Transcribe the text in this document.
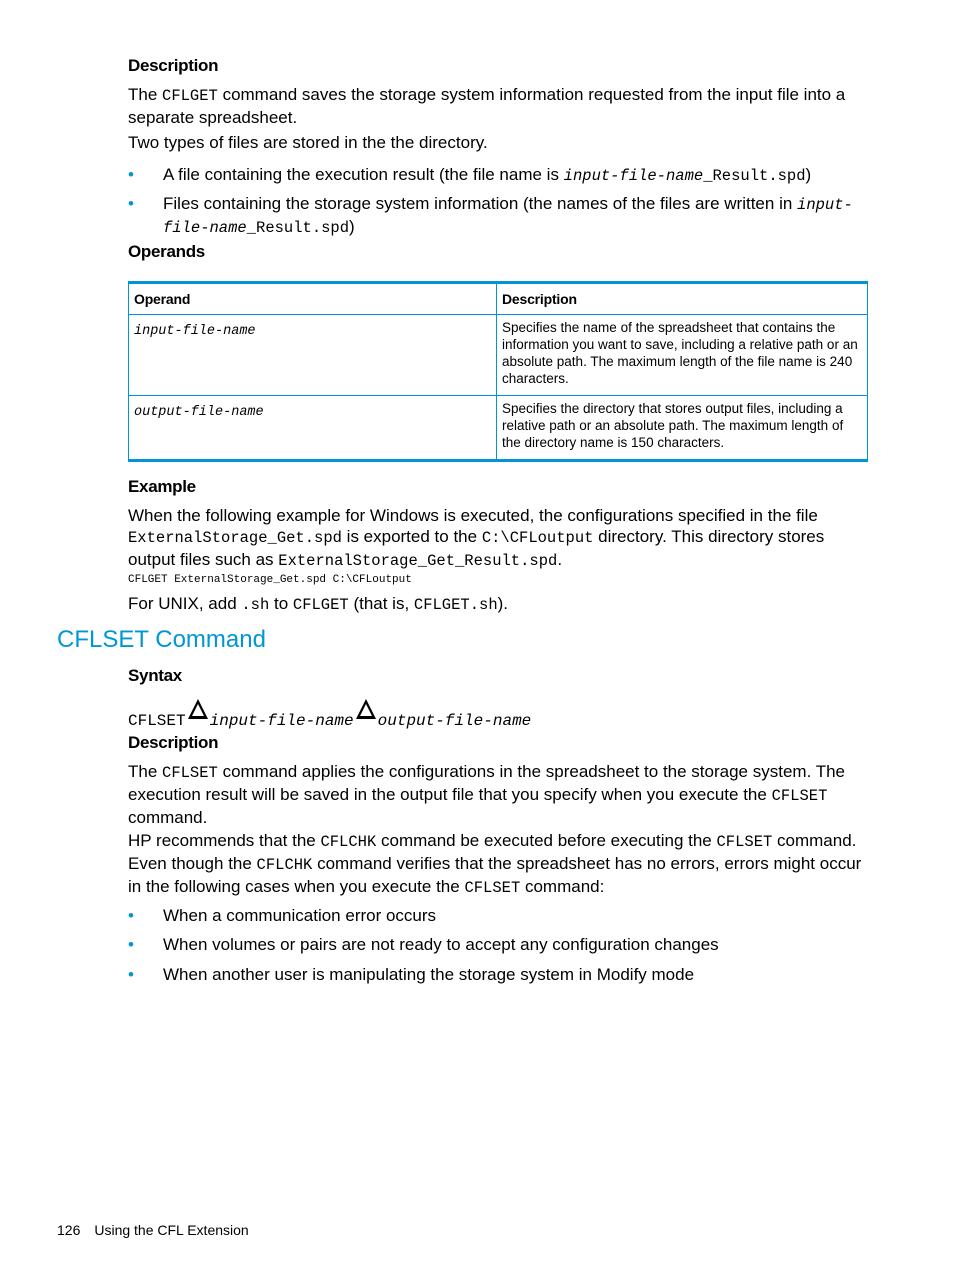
Description

The CFLGET command saves the storage system information requested from the input file into a separate spreadsheet.

Two types of files are stored in the the directory.

• A file containing the execution result (the file name is input-file-name_Result.spd)

• Files containing the storage system information (the names of the files are written in input-file-name_Result.spd)

Operands
Operand	Description
input-file-name	Specifies the name of the spreadsheet that contains the information you want to save, including a relative path or an absolute path. The maximum length of the file name is 240 characters.
output-file-name	Specifies the directory that stores output files, including a relative path or an absolute path. The maximum length of the directory name is 150 characters.
Example

When the following example for Windows is executed, the configurations specified in the file ExternalStorage_Get.spd is exported to the C:\CFLoutput directory. This directory stores output files such as ExternalStorage_Get_Result.spd.

CFLGET ExternalStorage_Get.spd C:\CFLoutput

For UNIX, add .sh to CFLGET (that is, CFLGET.sh).

CFLSET Command
Syntax
CFLSET input-file-name output-file-name
Description

The CFLSET command applies the configurations in the spreadsheet to the storage system. The execution result will be saved in the output file that you specify when you execute the CFLSET command.

HP recommends that the CFLCHK command be executed before executing the CFLSET command. Even though the CFLCHK command verifies that the spreadsheet has no errors, errors might occur in the following cases when you execute the CFLSET command:

• When a communication error occurs

• When volumes or pairs are not ready to accept any configuration changes

• When another user is manipulating the storage system in Modify mode

126 Using the CFL Extension
